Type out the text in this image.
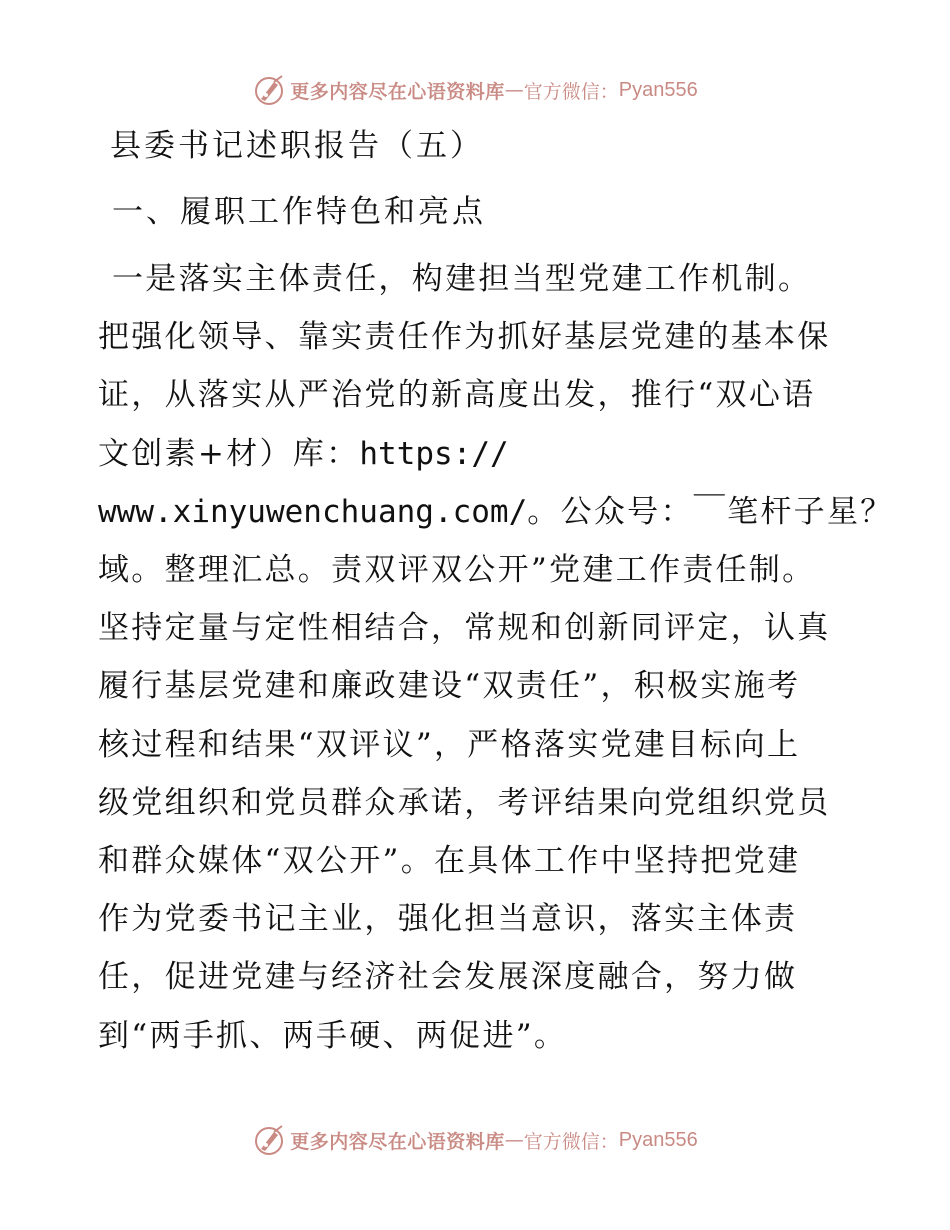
更多内容尽在心语资料库 — 官方微信： Pyan556
县委书记述职报告（五）
一、履职工作特色和亮点
一是落实主体责任，构建担当型党建工作机制。
把强化领导、靠实责任作为抓好基层党建的基本保
证，从落实从严治党的新高度出发，推行“双心语
文创素+材）库：https://
www.xinyuwenchuang.com/。公众号：￣笔杆子星？
域。整理汇总。责双评双公开”党建工作责任制。
坚持定量与定性相结合，常规和创新同评定，认真
履行基层党建和廉政建设“双责任”，积极实施考
核过程和结果“双评议”，严格落实党建目标向上
级党组织和党员群众承诺，考评结果向党组织党员
和群众媒体“双公开”。在具体工作中坚持把党建
作为党委书记主业，强化担当意识，落实主体责
任，促进党建与经济社会发展深度融合，努力做
到“两手抓、两手硬、两促进”。
更多内容尽在心语资料库 — 官方微信： Pyan556
